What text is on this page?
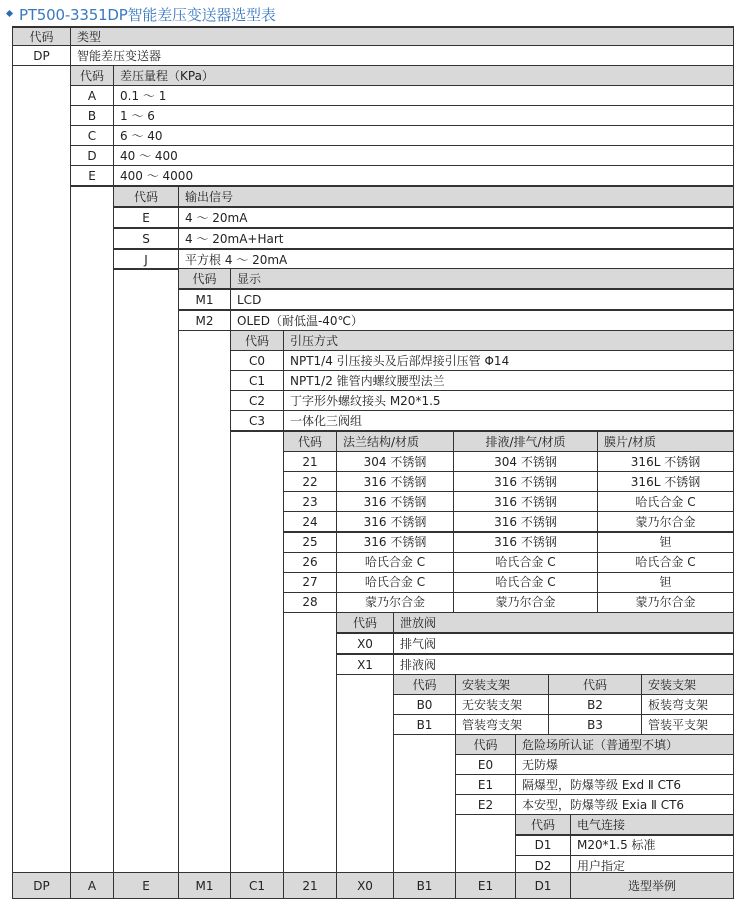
PT500-3351DP智能差压变送器选型表
代码	类型
DP	智能差压变送器
代码	差压量程（KPa）
A	0.1 ～ 1
B	1 ～ 6
C	6 ～ 40
D	40 ～ 400
E	400 ～ 4000
代码	输出信号
E	4 ～ 20mA
S	4 ～ 20mA+Hart
J	平方根 4 ～ 20mA
代码	显示
M1	LCD
M2	OLED（耐低温-40℃）
代码	引压方式
C0	NPT1/4 引压接头及后部焊接引压管 Φ14
C1	NPT1/2 锥管内螺纹腰型法兰
C2	丁字形外螺纹接头 M20*1.5
C3	一体化三阀组
代码	法兰结构/材质	排液/排气/材质	膜片/材质
21	304 不锈钢	304 不锈钢	316L 不锈钢
22	316 不锈钢	316 不锈钢	316L 不锈钢
23	316 不锈钢	316 不锈钢	哈氏合金 C
24	316 不锈钢	316 不锈钢	蒙乃尔合金
25	316 不锈钢	316 不锈钢	钽
26	哈氏合金 C	哈氏合金 C	哈氏合金 C
27	哈氏合金 C	哈氏合金 C	钽
28	蒙乃尔合金	蒙乃尔合金	蒙乃尔合金
代码	泄放阀
X0	排气阀
X1	排液阀
代码	安装支架	代码	安装支架
B0	无安装支架	B2	板装弯支架
B1	管装弯支架	B3	管装平支架
代码	危险场所认证（普通型不填）
E0	无防爆
E1	隔爆型，防爆等级 Exd Ⅱ CT6
E2	本安型，防爆等级 Exia Ⅱ CT6
代码	电气连接
D1	M20*1.5 标准
D2	用户指定
DP	A	E	M1	C1	21	X0	B1	E1	D1	选型举例
